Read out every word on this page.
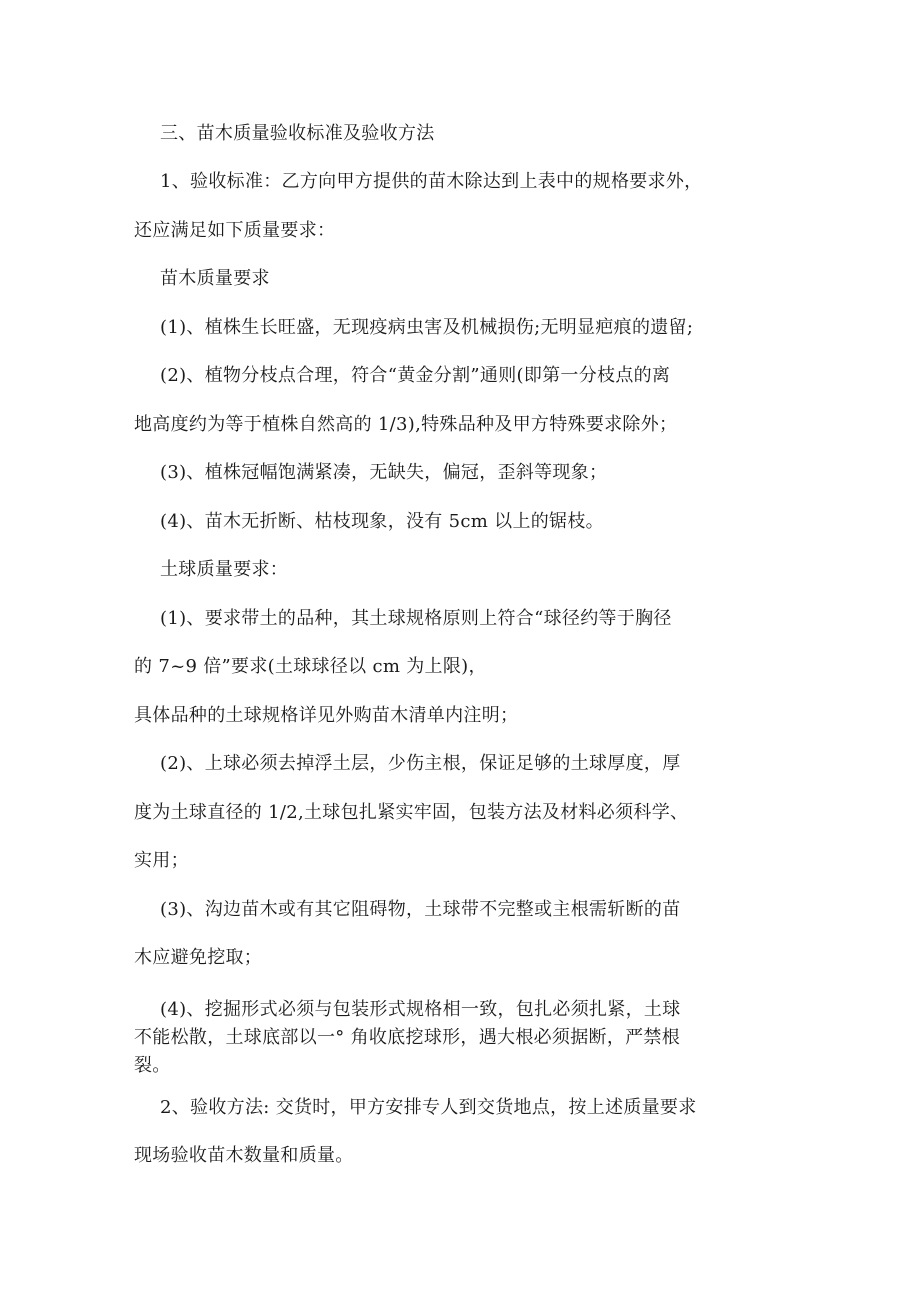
三、苗木质量验收标准及验收方法
1、验收标准：乙方向甲方提供的苗木除达到上表中的规格要求外，
还应满足如下质量要求：
苗木质量要求
(1)、植株生长旺盛，无现疫病虫害及机械损伤;无明显疤痕的遗留;
(2)、植物分枝点合理，符合“黄金分割”通则(即第一分枝点的离
地高度约为等于植株自然高的 1/3),特殊品种及甲方特殊要求除外；
(3)、植株冠幅饱满紧凑，无缺失，偏冠，歪斜等现象；
(4)、苗木无折断、枯枝现象，没有 5cm 以上的锯枝。
土球质量要求：
(1)、要求带土的品种，其土球规格原则上符合“球径约等于胸径
的 7~9 倍”要求(土球球径以 cm 为上限)，
具体品种的土球规格详见外购苗木清单内注明；
(2)、上球必须去掉浮土层，少伤主根，保证足够的土球厚度，厚
度为土球直径的 1/2,土球包扎紧实牢固，包装方法及材料必须科学、
实用；
(3)、沟边苗木或有其它阻碍物，土球带不完整或主根需斩断的苗
木应避免挖取；
(4)、挖掘形式必须与包装形式规格相一致，包扎必须扎紧，土球
不能松散，土球底部以一° 角收底挖球形，遇大根必须据断，严禁根
裂。
2、验收方法: 交货时，甲方安排专人到交货地点，按上述质量要求
现场验收苗木数量和质量。
